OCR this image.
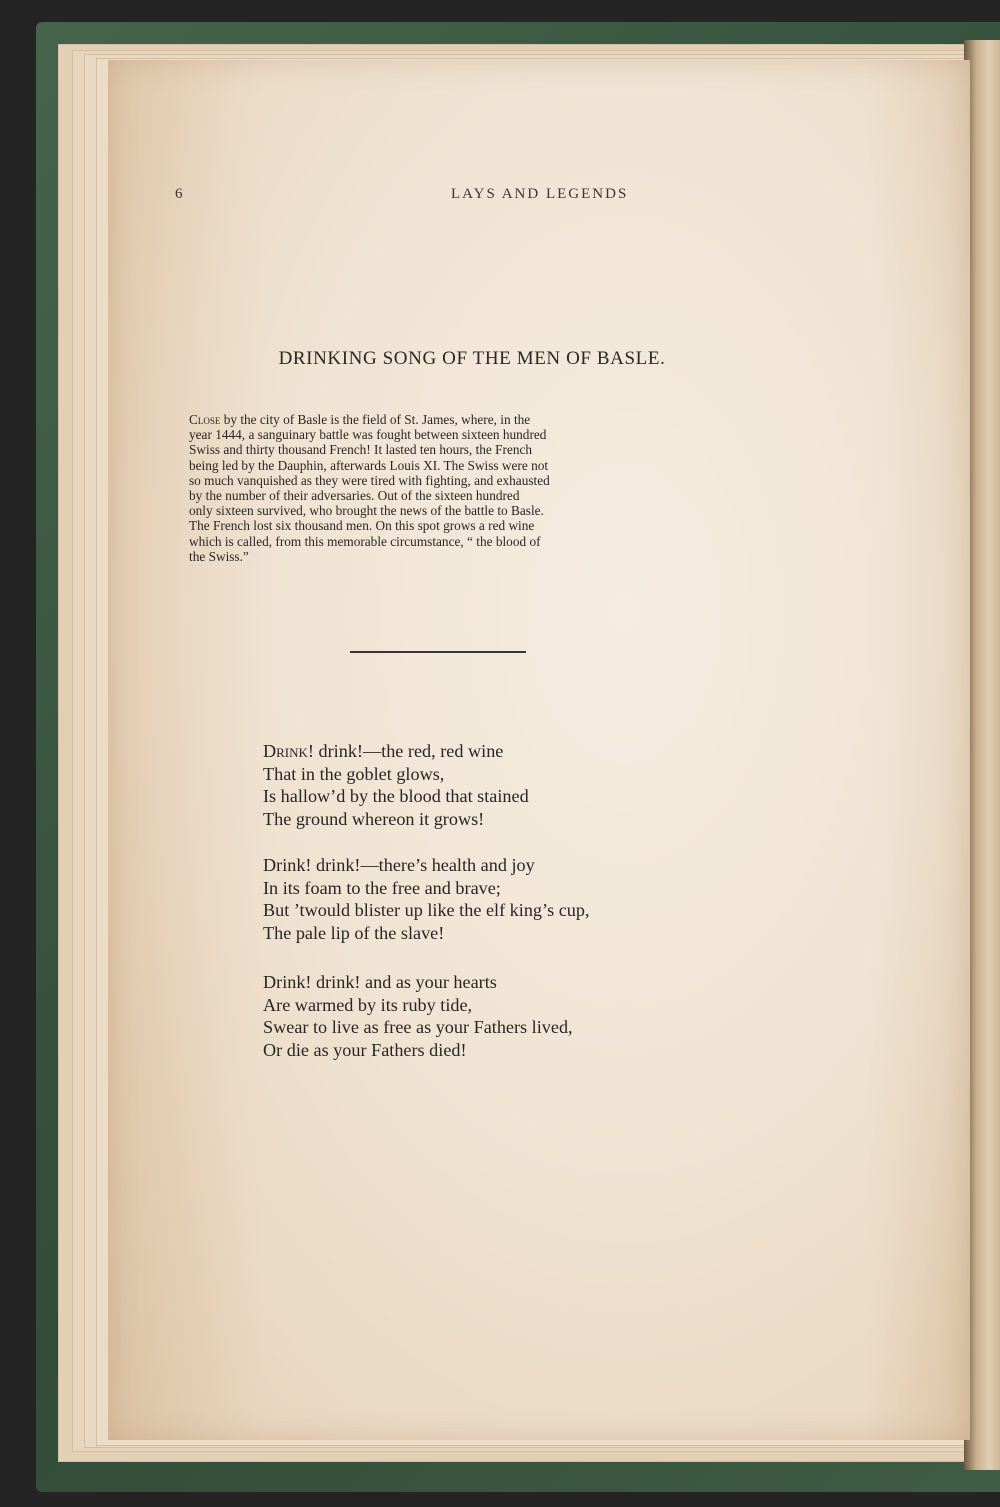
6	LAYS AND LEGENDS
DRINKING SONG OF THE MEN OF BASLE.
Close by the city of Basle is the field of St. James, where, in the
year 1444, a sanguinary battle was fought between sixteen hundred
Swiss and thirty thousand French! It lasted ten hours, the French
being led by the Dauphin, afterwards Louis XI. The Swiss were not
so much vanquished as they were tired with fighting, and exhausted
by the number of their adversaries. Out of the sixteen hundred
only sixteen survived, who brought the news of the battle to Basle.
The French lost six thousand men. On this spot grows a red wine
which is called, from this memorable circumstance, “ the blood of
the Swiss.”
Drink! drink!—the red, red wine
That in the goblet glows,
Is hallow’d by the blood that stained
The ground whereon it grows!
Drink! drink!—there’s health and joy
In its foam to the free and brave;
But ’twould blister up like the elf king’s cup,
The pale lip of the slave!
Drink! drink! and as your hearts
Are warmed by its ruby tide,
Swear to live as free as your Fathers lived,
Or die as your Fathers died!
